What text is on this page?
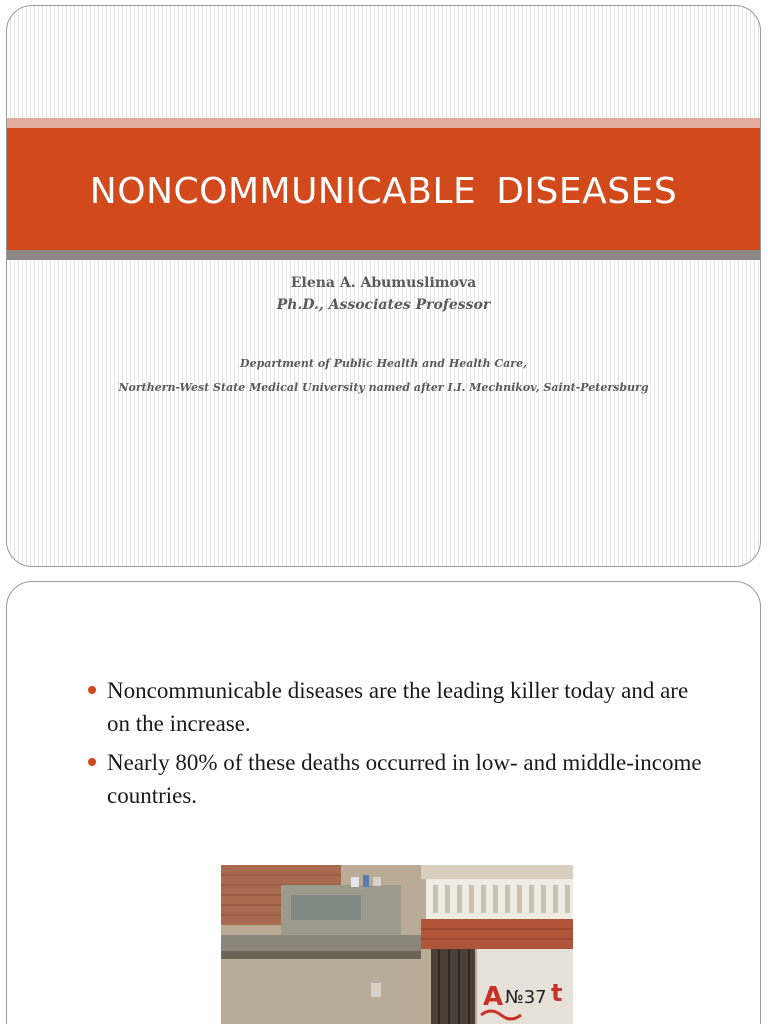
NONCOMMUNICABLE DISEASES
Elena A. Abumuslimova
Ph.D., Associates Professor
Department of Public Health and Health Care,
Northern-West State Medical University named after I.I. Mechnikov, Saint-Petersburg
Noncommunicable diseases are the leading killer today and are on the increase.
Nearly 80% of these deaths occurred in low- and middle-income countries.
A t
№37
